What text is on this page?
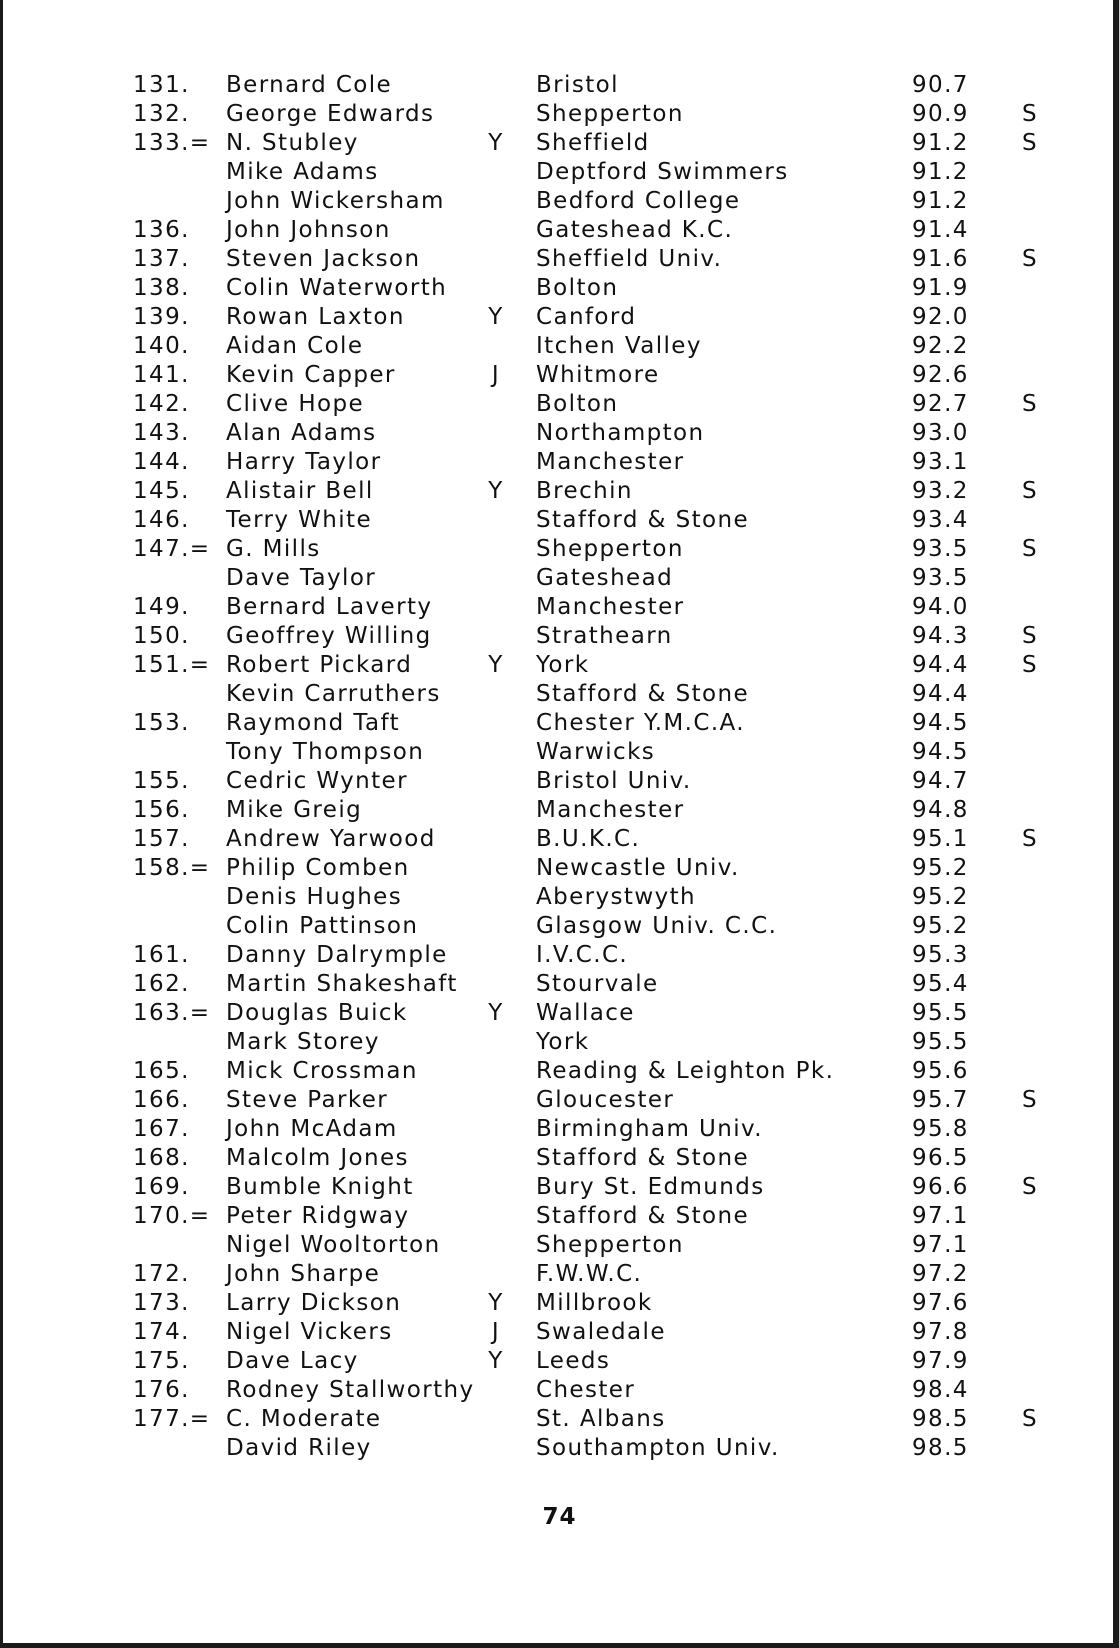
131.	Bernard Cole	Bristol	90.7
132.	George Edwards	Shepperton	90.9	S
133.= N. Stubley	Y Sheffield	91.2	S
Mike Adams	Deptford Swimmers	91.2
John Wickersham	Bedford College	91.2
136.	John Johnson	Gateshead K.C.	91.4
137.	Steven Jackson	Sheffield Univ.	91.6	S
138.	Colin Waterworth	Bolton	91.9
139.	Rowan Laxton	Y Canford	92.0
140.	Aidan Cole	Itchen Valley	92.2
141.	Kevin Capper	J	Whitmore	92.6
142.	Clive Hope	Bolton	92.7	S
143.	Alan Adams	Northampton	93.0
144.	Harry Taylor	Manchester	93.1
145.	Alistair Bell	Y Brechin	93.2	S
146.	Terry White	Stafford & Stone	93.4
147.= G. Mills	Shepperton	93.5	S
Dave Taylor	Gateshead	93.5
149.	Bernard Laverty	Manchester	94.0
150.	Geoffrey Willing	Strathearn	94.3	S
151.= Robert Pickard	Y York	94.4	S
Kevin Carruthers	Stafford & Stone	94.4
153.	Raymond Taft	Chester Y.M.C.A.	94.5
Tony Thompson	Warwicks	94.5
155.	Cedric Wynter	Bristol Univ.	94.7
156.	Mike Greig	Manchester	94.8
157.	Andrew Yarwood	B.U.K.C.	95.1	S
158.= Philip Comben	Newcastle Univ.	95.2
Denis Hughes	Aberystwyth	95.2
Colin Pattinson	Glasgow Univ. C.C.	95.2
161.	Danny Dalrymple	I.V.C.C.	95.3
162.	Martin Shakeshaft	Stourvale	95.4
163.= Douglas Buick	Y Wallace	95.5
Mark Storey	York	95.5
165.	Mick Crossman	Reading & Leighton Pk.	95.6
166.	Steve Parker	Gloucester	95.7	S
167.	John McAdam	Birmingham Univ.	95.8
168.	Malcolm Jones	Stafford & Stone	96.5
169.	Bumble Knight	Bury St. Edmunds	96.6	S
170.= Peter Ridgway	Stafford & Stone	97.1
Nigel Wooltorton	Shepperton	97.1
172.	John Sharpe	F.W.W.C.	97.2
173.	Larry Dickson	Y Millbrook	97.6
174.	Nigel Vickers	J	Swaledale	97.8
175.	Dave Lacy	Y Leeds	97.9
176.	Rodney Stallworthy	Chester	98.4
177.= C. Moderate	St. Albans	98.5	S
David Riley	Southampton Univ.	98.5
74
